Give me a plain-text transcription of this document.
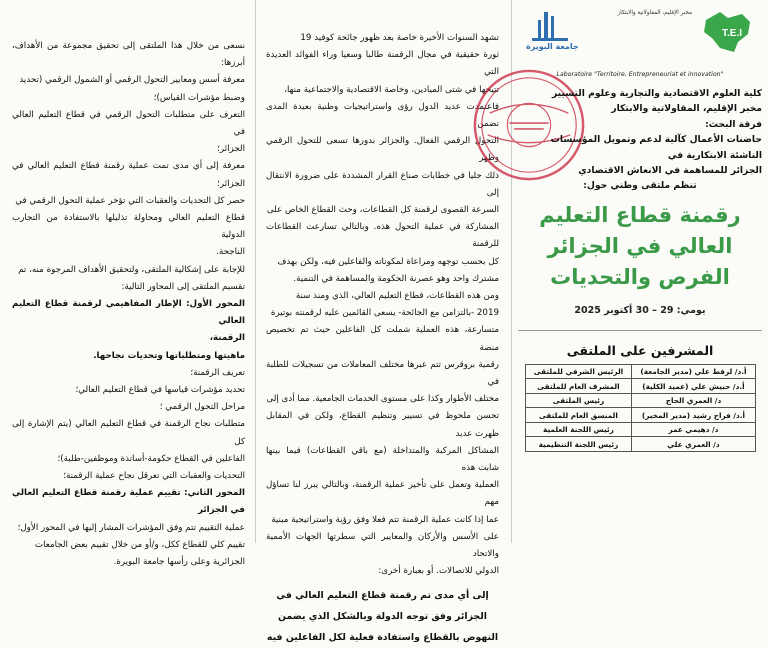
نسعى من خلال هذا الملتقى إلى تحقيق مجموعة من الأهداف، أبرزها:

معرفة أسس ومعايير التحول الرقمي أو الشمول الرقمي (تحديد

وضبط مؤشرات القياس)؛

التعرف على متطلبات التحول الرقمي في قطاع التعليم العالي في

الجزائر؛

معرفة إلى أي مدى تمت عملية رقمنة قطاع التعليم العالي في الجزائر؛

حصر كل التحديات والعقبات التي تؤخر عملية التحول الرقمي في

قطاع التعليم العالي ومحاولة تذليلها بالاستفادة من التجارب الدولية

الناجحة.

للإجابة على إشكالية الملتقى، ولتحقيق الأهداف المرجوة منه، تم

تقسيم الملتقى إلى المحاور التالية:

المحور الأول: الإطار المفاهيمي لرقمنة قطاع التعليم العالي

الرقمنة،

ماهيتها ومتطلباتها وتحديات نجاحها.

تعريف الرقمنة؛

تحديد مؤشرات قياسها في قطاع التعليم العالي؛

مراحل التحول الرقمي ؛

متطلبات نجاح الرقمنة في قطاع التعليم العالي (يتم الإشارة إلى كل

الفاعلين في القطاع حكومة-أساتذة وموظفين-طلبة)؛

التحديات والعقبات التي تعرقل نجاح عملية الرقمنة؛

المحور الثاني: تقييم عملية رقمنة قطاع التعليم العالي في الجزائر

عملية التقييم تتم وفق المؤشرات المشار إليها في المحور الأول؛

تقييم كلي للقطاع ككل، و/أو من خلال تقييم بعض الجامعات

الجزائرية وعلى رأسها جامعة البويرة.

تشهد السنوات الأخيرة خاصة بعد ظهور جائحة كوفيد 19

ثورة حقيقية في مجال الرقمنة طالبا وسعيا وراء الفوائد العديدة التي

تتيحها في شتى الميادين، وخاصة الاقتصادية والاجتماعية منها،

فاعتمدت عديد الدول رؤى واستراتيجيات وطنية بعيدة المدى تضمن

التحول الرقمي الفعال. والجزائر بدورها تسعى للتحول الرقمي وظهر

ذلك جليا في خطابات صناع القرار المشددة على ضرورة الانتقال إلى

السرعة القصوى لرقمنة كل القطاعات، وحث القطاع الخاص على

المشاركة في عملية التحول هذه. وبالتالي تسارعت القطاعات للرقمنة

كل بحسب توجهه ومراعاة لمكوناته والفاعلين فيه، ولكن بهدف

مشترك واحد وهو عصرنة الحكومة والمساهمة في التنمية.

ومن هذه القطاعات، قطاع التعليم العالي، الذي ومنذ سنة

2019 -بالتزامن مع الجائحة- يسعى القائمين عليه لرقمنته بوتيرة

متسارعة، هذه العملية شملت كل الفاعلين حيث تم تخصيص منصة

رقمية بروقرس تتم عبرها مختلف المعاملات من تسجيلات للطلبة في

مختلف الأطوار وكذا على مستوى الخدمات الجامعية. مما أدى إلى

تحسن ملحوظ في تسيير وتنظيم القطاع، ولكن في المقابل ظهرت عديد

المشاكل المركبة والمتداخلة (مع باقي القطاعات) فيما بينها شابت هذه

العملية وتعمل على تأخير عملية الرقمنة، وبالتالي يبرز لنا تساؤل مهم

عما إذا كانت عملية الرقمنة تتم فعلا وفق رؤية واستراتيجية مبنية

على الأسس والأركان والمعايير التي سطرتها الجهات الأممية والاتحاد

الدولي للاتصالات. أو بعبارة أخرى:

إلى أي مدى تم رقمنة قطاع التعليم العالي في الجزائر وفق توجه الدولة وبالشكل الذي يضمن النهوض بالقطاع واستفادة فعلية لكل الفاعلين فيه

جامعة البويرة
مخبر الإقليم، المقاولاتية والابتكار
T.E.I
Laboratoire "Territoire, Entrepreneuriat et innovation"
كلية العلوم الاقتصادية والتجارية وعلوم التسيير
مخبر الإقليم، المقاولاتية والابتكار
فرقة البحث:
حاضنات الأعمال كآلية لدعم وتمويل المؤسسات الناشئة الابتكارية في
الجزائر للمساهمة في الانعاش الاقتصادي
تنظم ملتقى وطني حول:
رقمنة قطاع التعليم العالي في الجزائر الفرص والتحديات
يومي: 29 – 30 أكتوبر 2025
المشرفين على الملتقى
أ.د/ لرقط علي (مدير الجامعة)	الرئيس الشرفي للملتقى
أ.د/ حبيش علي (عميد الكلية)	المشرف العام للملتقى
د/ العمري الحاج	رئيس الملتقى
أ.د/ فراح رشيد (مدير المخبر)	المنسق العام للملتقى
د/ دهيمي عمر	رئيس اللجنة العلمية
د/ العمري علي	رئيس اللجنة التنظيمية
